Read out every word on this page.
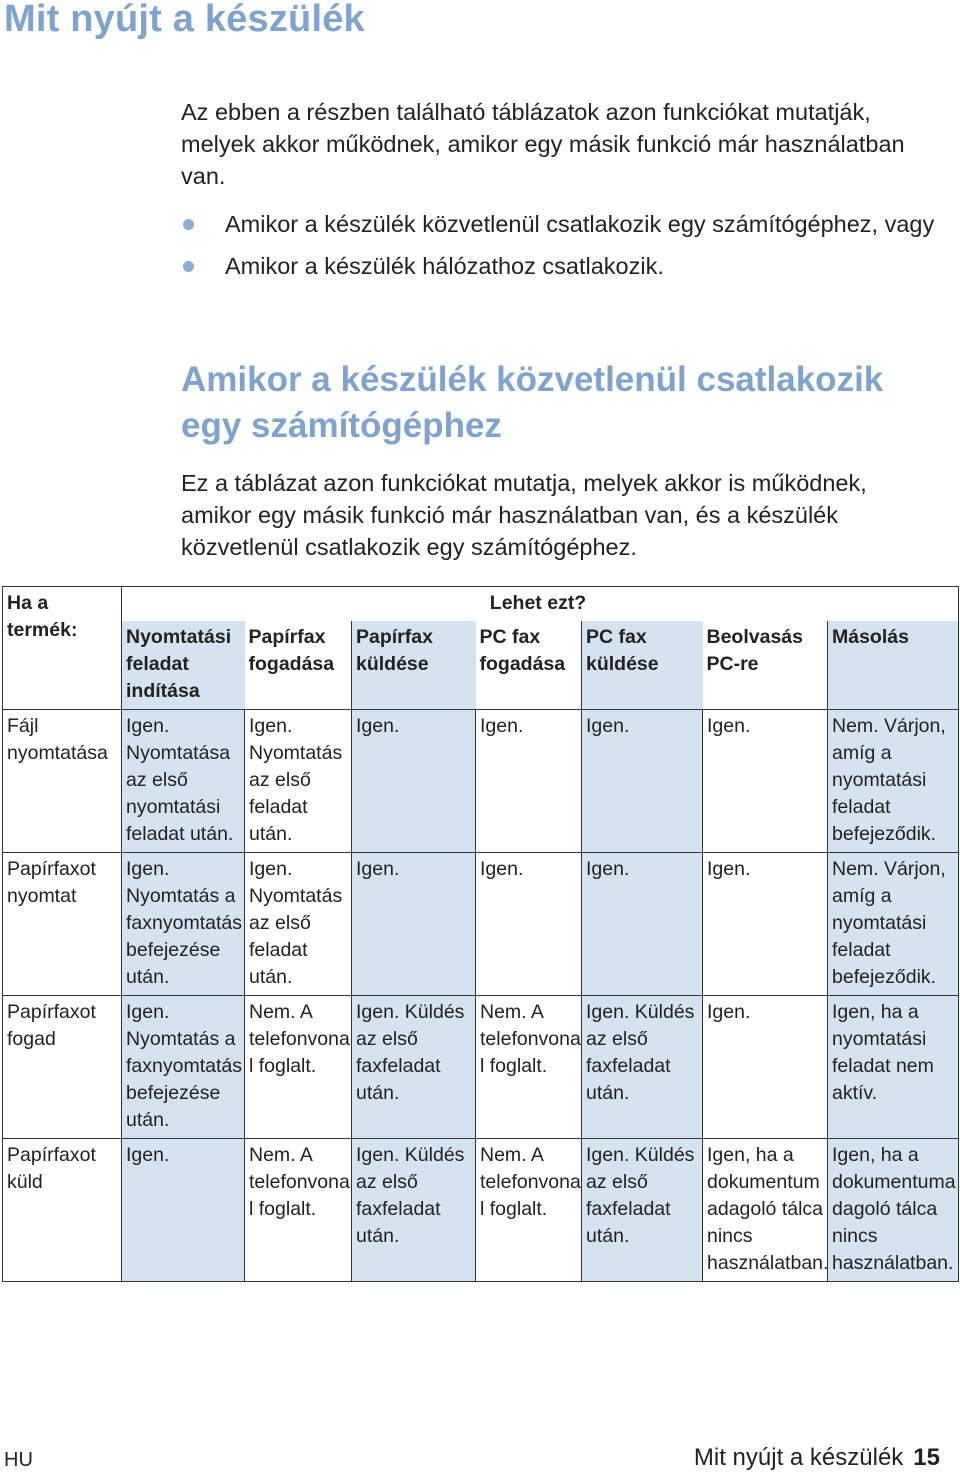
Mit nyújt a készülék
Az ebben a részben található táblázatok azon funkciókat mutatják, melyek akkor működnek, amikor egy másik funkció már használatban van.
Amikor a készülék közvetlenül csatlakozik egy számítógéphez, vagy
Amikor a készülék hálózathoz csatlakozik.
Amikor a készülék közvetlenül csatlakozik egy számítógéphez
Ez a táblázat azon funkciókat mutatja, melyek akkor is működnek, amikor egy másik funkció már használatban van, és a készülék közvetlenül csatlakozik egy számítógéphez.
Ha a termék:	Lehet ezt?						
	Nyomtatási feladat indítása	Papírfax fogadása	Papírfax küldése	PC fax fogadása	PC fax küldése	Beolvasás PC-re	Másolás
Fájl nyomtatása	Igen. Nyomtatása az első nyomtatási feladat után.	Igen. Nyomtatás az első feladat után.	Igen.	Igen.	Igen.	Igen.	Nem. Várjon, amíg a nyomtatási feladat befejeződik.
Papírfaxot nyomtat	Igen. Nyomtatás a faxnyomtatás befejezése után.	Igen. Nyomtatás az első feladat után.	Igen.	Igen.	Igen.	Igen.	Nem. Várjon, amíg a nyomtatási feladat befejeződik.
Papírfaxot fogad	Igen. Nyomtatás a faxnyomtatás befejezése után.	Nem. A telefonvona l foglalt.	Igen. Küldés az első faxfeladat után.	Nem. A telefonvona l foglalt.	Igen. Küldés az első faxfeladat után.	Igen.	Igen, ha a nyomtatási feladat nem aktív.
Papírfaxot küld	Igen.	Nem. A telefonvona l foglalt.	Igen. Küldés az első faxfeladat után.	Nem. A telefonvona l foglalt.	Igen. Küldés az első faxfeladat után.	Igen, ha a dokumentum adagoló tálca nincs használatban.	Igen, ha a dokumentuma dagoló tálca nincs használatban.
HU	Mit nyújt a készülék 15
